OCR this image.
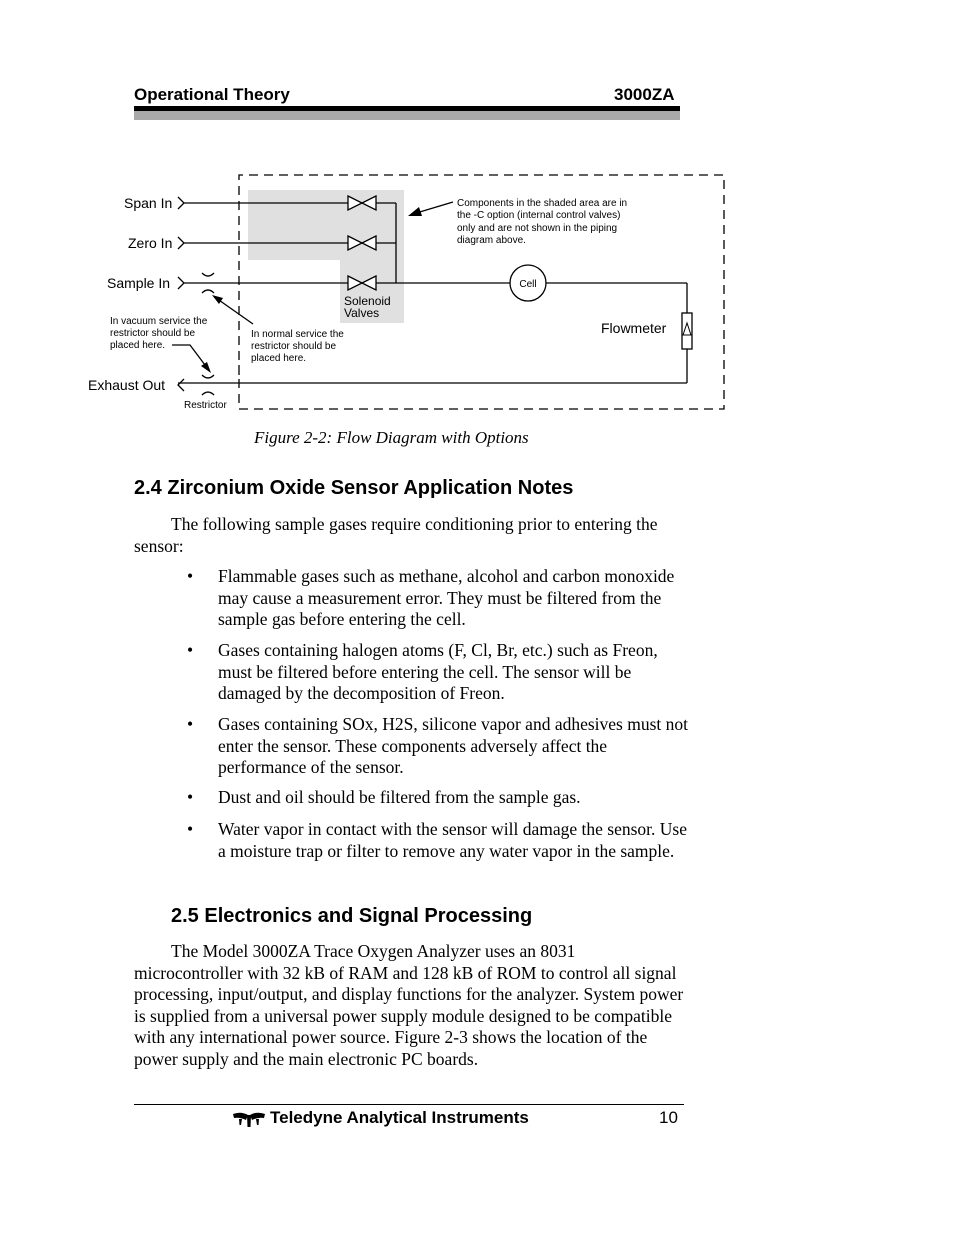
Operational Theory	3000ZA
Span In
Zero In
Sample In
Solenoid
Valves
Cell
Flowmeter
Exhaust Out
Restrictor
Components in the shaded area are in
the -C option (internal control valves)
only and are not shown in the piping
diagram above.
In vacuum service the
restrictor should be
placed here.
In normal service the
restrictor should be
placed here.
Figure 2-2: Flow Diagram with Options
2.4 Zirconium Oxide Sensor Application Notes
The following sample gases require conditioning prior to entering the sensor:
• Flammable gases such as methane, alcohol and carbon monoxide may cause a measurement error. They must be filtered from the sample gas before entering the cell.
• Gases containing halogen atoms (F, Cl, Br, etc.) such as Freon, must be filtered before entering the cell. The sensor will be damaged by the decomposition of Freon.
• Gases containing SOx, H2S, silicone vapor and adhesives must not enter the sensor. These components adversely affect the performance of the sensor.
• Dust and oil should be filtered from the sample gas.
• Water vapor in contact with the sensor will damage the sensor. Use a moisture trap or filter to remove any water vapor in the sample.
2.5 Electronics and Signal Processing
The Model 3000ZA Trace Oxygen Analyzer uses an 8031 microcontroller with 32 kB of RAM and 128 kB of ROM to control all signal processing, input/output, and display functions for the analyzer. System power is supplied from a universal power supply module designed to be compatible with any international power source. Figure 2-3 shows the location of the power supply and the main electronic PC boards.
Teledyne Analytical Instruments	10
